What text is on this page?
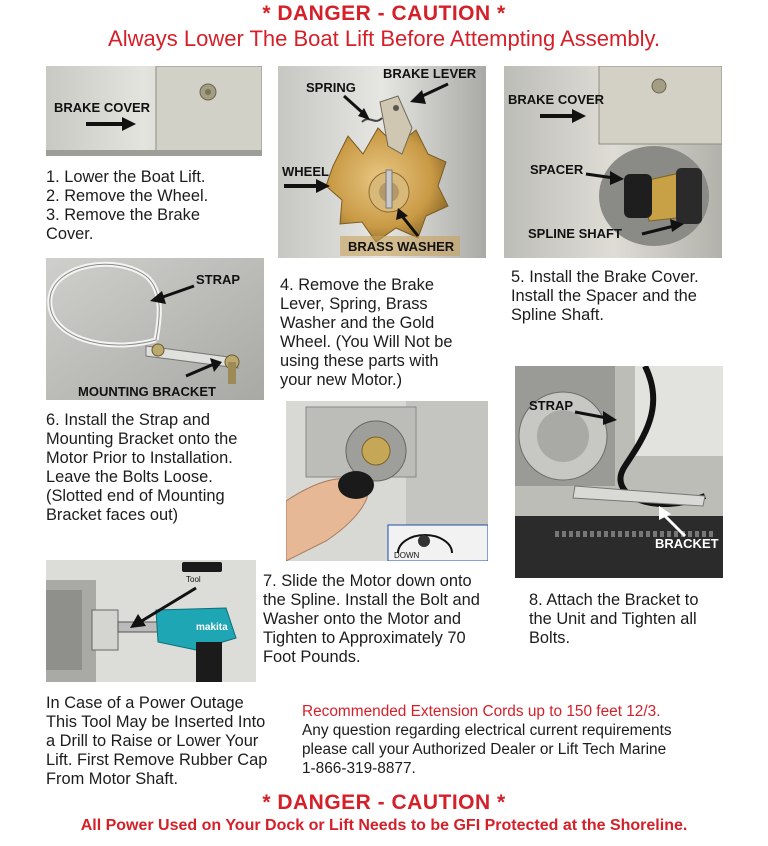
* DANGER - CAUTION *
Always Lower The Boat Lift Before Attempting Assembly.
BRAKE COVER
SPRING
BRAKE LEVER
WHEEL
BRASS WASHER
BRAKE COVER
SPACER
SPLINE SHAFT
1. Lower the Boat Lift.
2. Remove the Wheel.
3. Remove the Brake
Cover.
STRAP
MOUNTING BRACKET
4. Remove the Brake
Lever, Spring, Brass
Washer and the Gold
Wheel. (You Will Not be
using these parts with
your new Motor.)
5. Install the Brake Cover.
Install the Spacer and the
Spline Shaft.
6. Install the Strap and
Mounting Bracket onto the
Motor Prior to Installation.
Leave the Bolts Loose.
(Slotted end of Mounting
Bracket faces out)
DOWN
STRAP
BRACKET
makita
Tool	7. Slide the Motor down onto
the Spline. Install the Bolt and
Washer onto the Motor and
Tighten to Approximately 70
Foot Pounds.
8. Attach the Bracket to
the Unit and Tighten all
Bolts.
In Case of a Power Outage
This Tool May be Inserted Into
a Drill to Raise or Lower Your
Lift. First Remove Rubber Cap
From Motor Shaft.
Recommended Extension Cords up to 150 feet 12/3.
Any question regarding electrical current requirements
please call your Authorized Dealer or Lift Tech Marine
1-866-319-8877.
* DANGER - CAUTION *
All Power Used on Your Dock or Lift Needs to be GFI Protected at the Shoreline.
